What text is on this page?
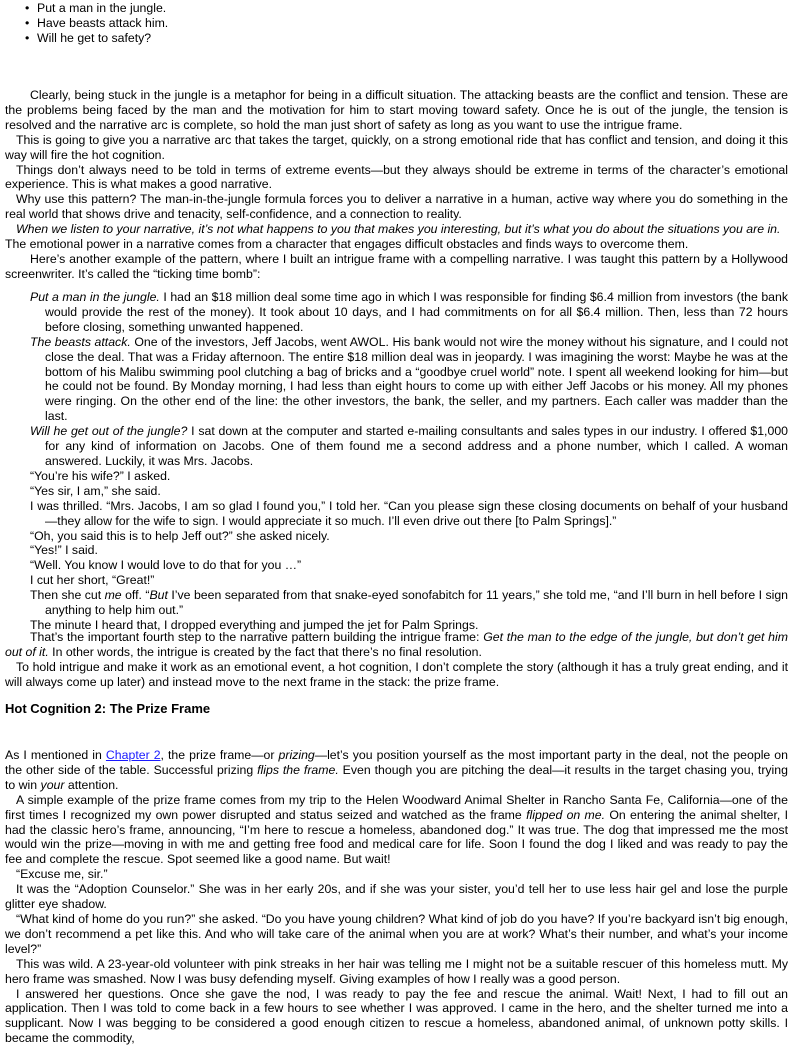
• Put a man in the jungle.
• Have beasts attack him.
• Will he get to safety?

Clearly, being stuck in the jungle is a metaphor for being in a difficult situation. The attacking beasts are the conflict and tension. These are the problems being faced by the man and the motivation for him to start moving toward safety. Once he is out of the jungle, the tension is resolved and the narrative arc is complete, so hold the man just short of safety as long as you want to use the intrigue frame.

This is going to give you a narrative arc that takes the target, quickly, on a strong emotional ride that has conflict and tension, and doing it this way will fire the hot cognition.

Things don’t always need to be told in terms of extreme events—but they always should be extreme in terms of the character’s emotional experience. This is what makes a good narrative.

Why use this pattern? The man-in-the-jungle formula forces you to deliver a narrative in a human, active way where you do something in the real world that shows drive and tenacity, self-confidence, and a connection to reality.

When we listen to your narrative, it’s not what happens to you that makes you interesting, but it’s what you do about the situations you are in.

The emotional power in a narrative comes from a character that engages difficult obstacles and finds ways to overcome them.

Here’s another example of the pattern, where I built an intrigue frame with a compelling narrative. I was taught this pattern by a Hollywood screenwriter. It’s called the “ticking time bomb”:

Put a man in the jungle. I had an $18 million deal some time ago in which I was responsible for finding $6.4 million from investors (the bank would provide the rest of the money). It took about 10 days, and I had commitments on for all $6.4 million. Then, less than 72 hours before closing, something unwanted happened.

The beasts attack. One of the investors, Jeff Jacobs, went AWOL. His bank would not wire the money without his signature, and I could not close the deal. That was a Friday afternoon. The entire $18 million deal was in jeopardy. I was imagining the worst: Maybe he was at the bottom of his Malibu swimming pool clutching a bag of bricks and a “goodbye cruel world” note. I spent all weekend looking for him—but he could not be found. By Monday morning, I had less than eight hours to come up with either Jeff Jacobs or his money. All my phones were ringing. On the other end of the line: the other investors, the bank, the seller, and my partners. Each caller was madder than the last.

Will he get out of the jungle? I sat down at the computer and started e-mailing consultants and sales types in our industry. I offered $1,000 for any kind of information on Jacobs. One of them found me a second address and a phone number, which I called. A woman answered. Luckily, it was Mrs. Jacobs.

“You’re his wife?” I asked.

“Yes sir, I am,” she said.

I was thrilled. “Mrs. Jacobs, I am so glad I found you,” I told her. “Can you please sign these closing documents on behalf of your husband—they allow for the wife to sign. I would appreciate it so much. I’ll even drive out there [to Palm Springs].”

“Oh, you said this is to help Jeff out?” she asked nicely.

“Yes!” I said.

“Well. You know I would love to do that for you …”

I cut her short, “Great!”

Then she cut me off. “But I’ve been separated from that snake-eyed sonofabitch for 11 years,” she told me, “and I’ll burn in hell before I sign anything to help him out.”

The minute I heard that, I dropped everything and jumped the jet for Palm Springs.

That’s the important fourth step to the narrative pattern building the intrigue frame: Get the man to the edge of the jungle, but don’t get him out of it. In other words, the intrigue is created by the fact that there’s no final resolution.

To hold intrigue and make it work as an emotional event, a hot cognition, I don’t complete the story (although it has a truly great ending, and it will always come up later) and instead move to the next frame in the stack: the prize frame.

Hot Cognition 2: The Prize Frame

As I mentioned in Chapter 2, the prize frame—or prizing—let’s you position yourself as the most important party in the deal, not the people on the other side of the table. Successful prizing flips the frame. Even though you are pitching the deal—it results in the target chasing you, trying to win your attention.

A simple example of the prize frame comes from my trip to the Helen Woodward Animal Shelter in Rancho Santa Fe, California—one of the first times I recognized my own power disrupted and status seized and watched as the frame flipped on me. On entering the animal shelter, I had the classic hero’s frame, announcing, “I’m here to rescue a homeless, abandoned dog.” It was true. The dog that impressed me the most would win the prize—moving in with me and getting free food and medical care for life. Soon I found the dog I liked and was ready to pay the fee and complete the rescue. Spot seemed like a good name. But wait!

“Excuse me, sir.”

It was the “Adoption Counselor.” She was in her early 20s, and if she was your sister, you’d tell her to use less hair gel and lose the purple glitter eye shadow.

“What kind of home do you run?” she asked. “Do you have young children? What kind of job do you have? If you’re backyard isn’t big enough, we don’t recommend a pet like this. And who will take care of the animal when you are at work? What’s their number, and what’s your income level?”

This was wild. A 23-year-old volunteer with pink streaks in her hair was telling me I might not be a suitable rescuer of this homeless mutt. My hero frame was smashed. Now I was busy defending myself. Giving examples of how I really was a good person.

I answered her questions. Once she gave the nod, I was ready to pay the fee and rescue the animal. Wait! Next, I had to fill out an application. Then I was told to come back in a few hours to see whether I was approved. I came in the hero, and the shelter turned me into a supplicant. Now I was begging to be considered a good enough citizen to rescue a homeless, abandoned animal, of unknown potty skills. I became the commodity,
